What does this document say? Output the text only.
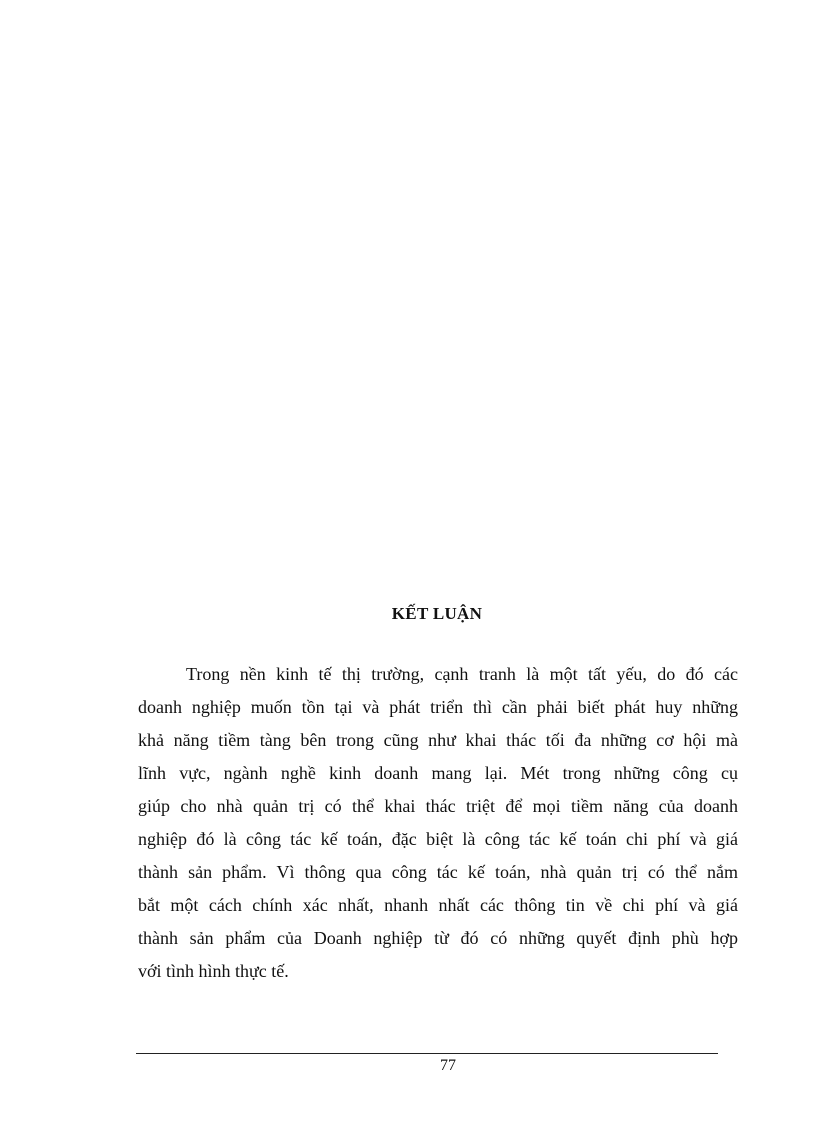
KẾT LUẬN
Trong nền kinh tế thị trường, cạnh tranh là một tất yếu, do đó các
doanh nghiệp muốn tồn tại và phát triển thì cần phải biết phát huy những
khả năng tiềm tàng bên trong cũng như khai thác tối đa những cơ hội mà
lĩnh vực, ngành nghề kinh doanh mang lại. Mét trong những công cụ
giúp cho nhà quản trị có thể khai thác triệt để mọi tiềm năng của doanh
nghiệp đó là công tác kế toán, đặc biệt là công tác kế toán chi phí và giá
thành sản phẩm. Vì thông qua công tác kế toán, nhà quản trị có thể nắm
bắt một cách chính xác nhất, nhanh nhất các thông tin về chi phí và giá
thành sản phẩm của Doanh nghiệp từ đó có những quyết định phù hợp
với tình hình thực tế.
77
